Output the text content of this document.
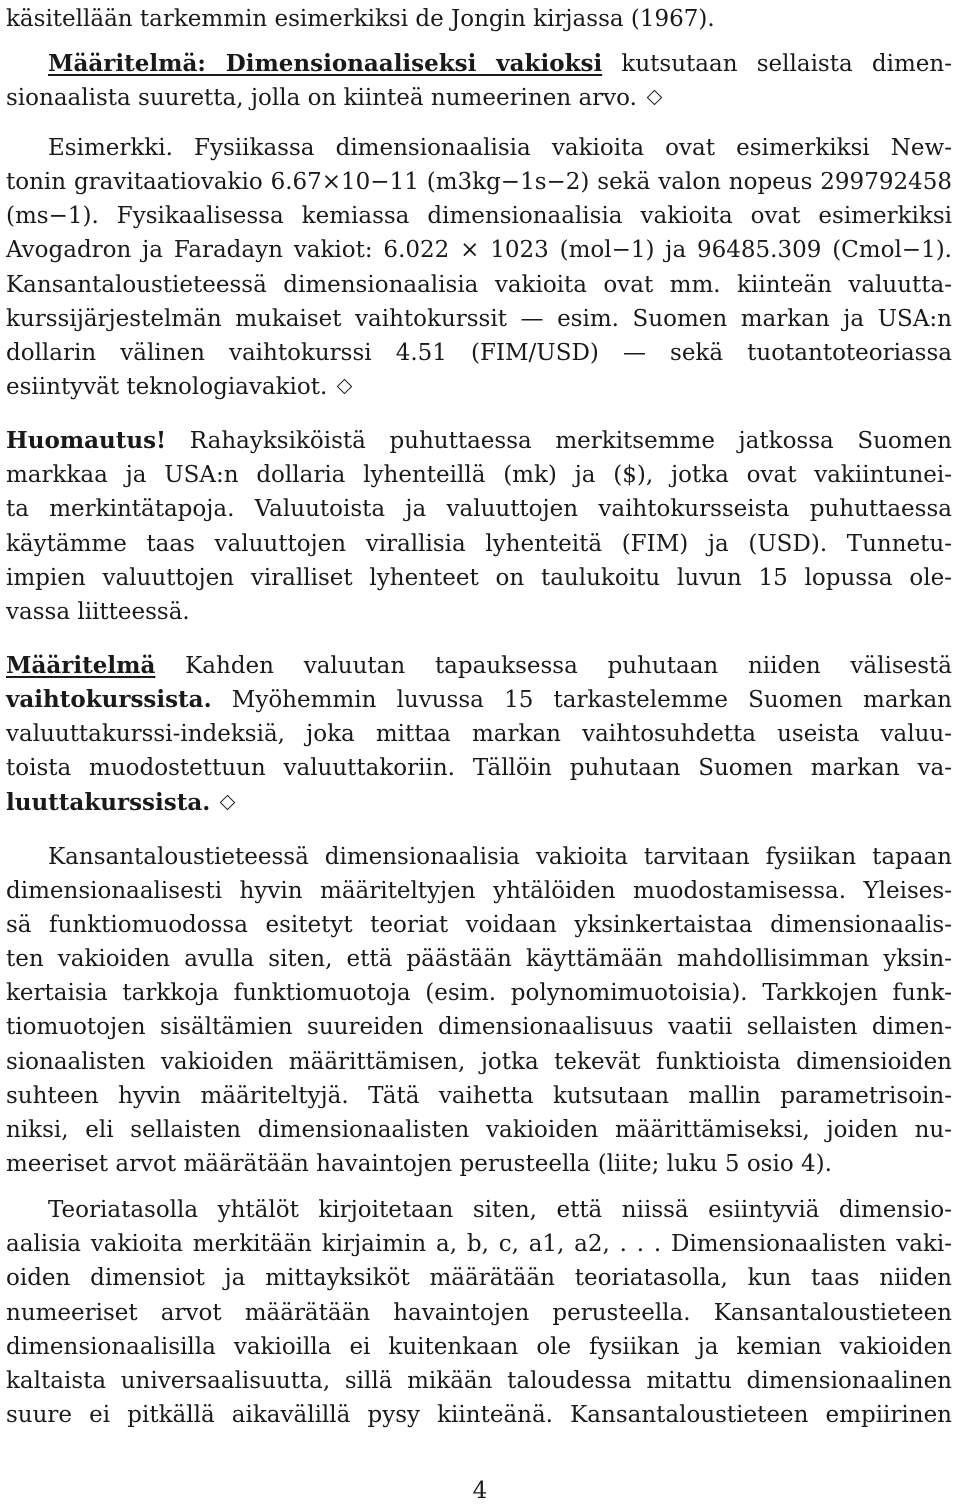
käsitellään tarkemmin esimerkiksi de Jongin kirjassa (1967).
Määritelmä: Dimensionaaliseksi vakioksi kutsutaan sellaista dimen-
sionaalista suuretta, jolla on kiinteä numeerinen arvo.
Esimerkki. Fysiikassa dimensionaalisia vakioita ovat esimerkiksi New-
tonin gravitaatiovakio 6.67×10−11 (m3kg−1s−2) sekä valon nopeus 299792458
(ms−1). Fysikaalisessa kemiassa dimensionaalisia vakioita ovat esimerkiksi
Avogadron ja Faradayn vakiot: 6.022 × 1023 (mol−1) ja 96485.309 (Cmol−1).
Kansantaloustieteessä dimensionaalisia vakioita ovat mm. kiinteän valuutta-
kurssijärjestelmän mukaiset vaihtokurssit — esim. Suomen markan ja USA:n
dollarin välinen vaihtokurssi 4.51 (FIM/USD) — sekä tuotantoteoriassa
esiintyvät teknologiavakiot.
Huomautus! Rahayksiköistä puhuttaessa merkitsemme jatkossa Suomen
markkaa ja USA:n dollaria lyhenteillä (mk) ja ($), jotka ovat vakiintunei-
ta merkintätapoja. Valuutoista ja valuuttojen vaihtokursseista puhuttaessa
käytämme taas valuuttojen virallisia lyhenteitä (FIM) ja (USD). Tunnetu-
impien valuuttojen viralliset lyhenteet on taulukoitu luvun 15 lopussa ole-
vassa liitteessä.
Määritelmä Kahden valuutan tapauksessa puhutaan niiden välisestä
vaihtokurssista. Myöhemmin luvussa 15 tarkastelemme Suomen markan
valuuttakurssi-indeksiä, joka mittaa markan vaihtosuhdetta useista valuu-
toista muodostettuun valuuttakoriin. Tällöin puhutaan Suomen markan va-
luuttakurssista.
Kansantaloustieteessä dimensionaalisia vakioita tarvitaan fysiikan tapaan
dimensionaalisesti hyvin määriteltyjen yhtälöiden muodostamisessa. Yleises-
sä funktiomuodossa esitetyt teoriat voidaan yksinkertaistaa dimensionaalis-
ten vakioiden avulla siten, että päästään käyttämään mahdollisimman yksin-
kertaisia tarkkoja funktiomuotoja (esim. polynomimuotoisia). Tarkkojen funk-
tiomuotojen sisältämien suureiden dimensionaalisuus vaatii sellaisten dimen-
sionaalisten vakioiden määrittämisen, jotka tekevät funktioista dimensioiden
suhteen hyvin määriteltyjä. Tätä vaihetta kutsutaan mallin parametrisoin-
niksi, eli sellaisten dimensionaalisten vakioiden määrittämiseksi, joiden nu-
meeriset arvot määrätään havaintojen perusteella (liite; luku 5 osio 4).
Teoriatasolla yhtälöt kirjoitetaan siten, että niissä esiintyviä dimensio-
aalisia vakioita merkitään kirjaimin a, b, c, a1, a2, . . . Dimensionaalisten vaki-
oiden dimensiot ja mittayksiköt määrätään teoriatasolla, kun taas niiden
numeeriset arvot määrätään havaintojen perusteella. Kansantaloustieteen
dimensionaalisilla vakioilla ei kuitenkaan ole fysiikan ja kemian vakioiden
kaltaista universaalisuutta, sillä mikään taloudessa mitattu dimensionaalinen
suure ei pitkällä aikavälillä pysy kiinteänä. Kansantaloustieteen empiirinen
4
